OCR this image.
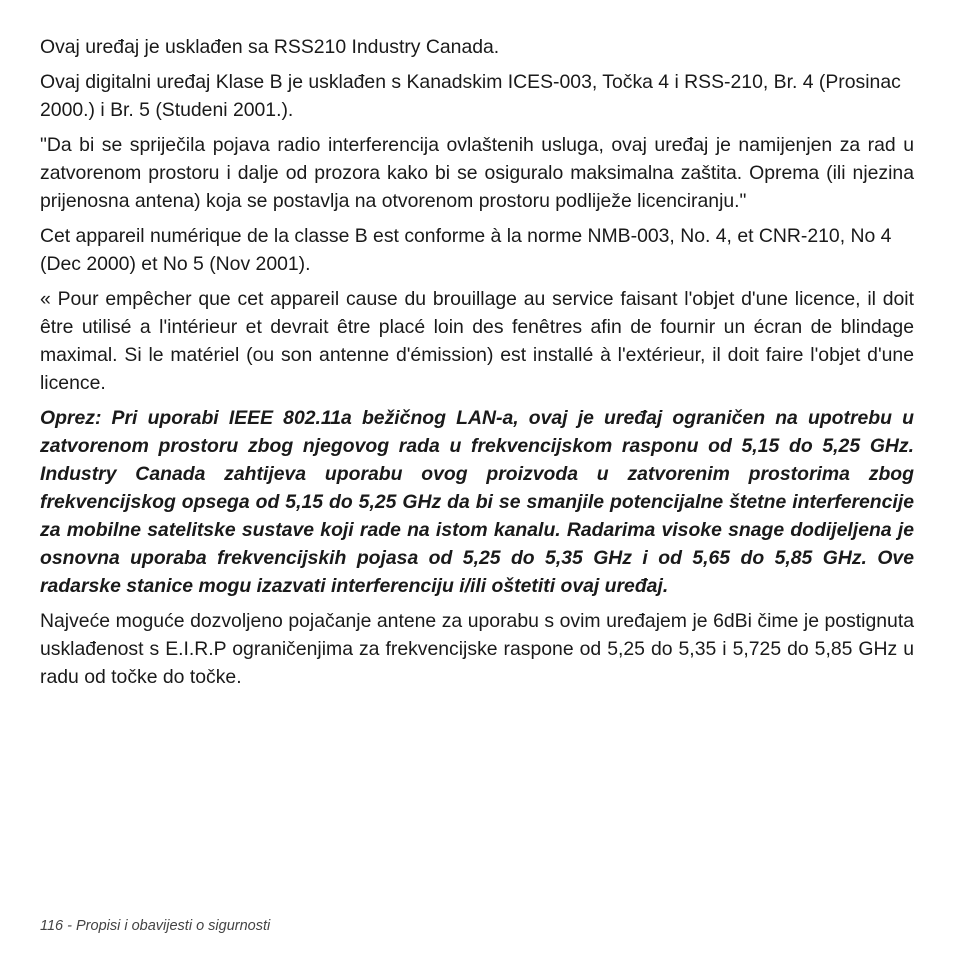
Ovaj uređaj je usklađen sa RSS210 Industry Canada.

Ovaj digitalni uređaj Klase B je usklađen s Kanadskim ICES-003, Točka 4 i RSS-210, Br. 4 (Prosinac 2000.) i Br. 5 (Studeni 2001.).

"Da bi se spriječila pojava radio interferencija ovlaštenih usluga, ovaj uređaj je namijenjen za rad u zatvorenom prostoru i dalje od prozora kako bi se osiguralo maksimalna zaštita. Oprema (ili njezina prijenosna antena) koja se postavlja na otvorenom prostoru podliježe licenciranju."

Cet appareil numérique de la classe B est conforme à la norme NMB-003, No. 4, et CNR-210, No 4 (Dec 2000) et No 5 (Nov 2001).

« Pour empêcher que cet appareil cause du brouillage au service faisant l'objet d'une licence, il doit être utilisé a l'intérieur et devrait être placé loin des fenêtres afin de fournir un écran de blindage maximal. Si le matériel (ou son antenne d'émission) est installé à l'extérieur, il doit faire l'objet d'une licence.

Oprez: Pri uporabi IEEE 802.11a bežičnog LAN-a, ovaj je uređaj ograničen na upotrebu u zatvorenom prostoru zbog njegovog rada u frekvencijskom rasponu od 5,15 do 5,25 GHz. Industry Canada zahtijeva uporabu ovog proizvoda u zatvorenim prostorima zbog frekvencijskog opsega od 5,15 do 5,25 GHz da bi se smanjile potencijalne štetne interferencije za mobilne satelitske sustave koji rade na istom kanalu. Radarima visoke snage dodijeljena je osnovna uporaba frekvencijskih pojasa od 5,25 do 5,35 GHz i od 5,65 do 5,85 GHz. Ove radarske stanice mogu izazvati interferenciju i/ili oštetiti ovaj uređaj.

Najveće moguće dozvoljeno pojačanje antene za uporabu s ovim uređajem je 6dBi čime je postignuta usklađenost s E.I.R.P ograničenjima za frekvencijske raspone od 5,25 do 5,35 i 5,725 do 5,85 GHz u radu od točke do točke.

116 - Propisi i obavijesti o sigurnosti
